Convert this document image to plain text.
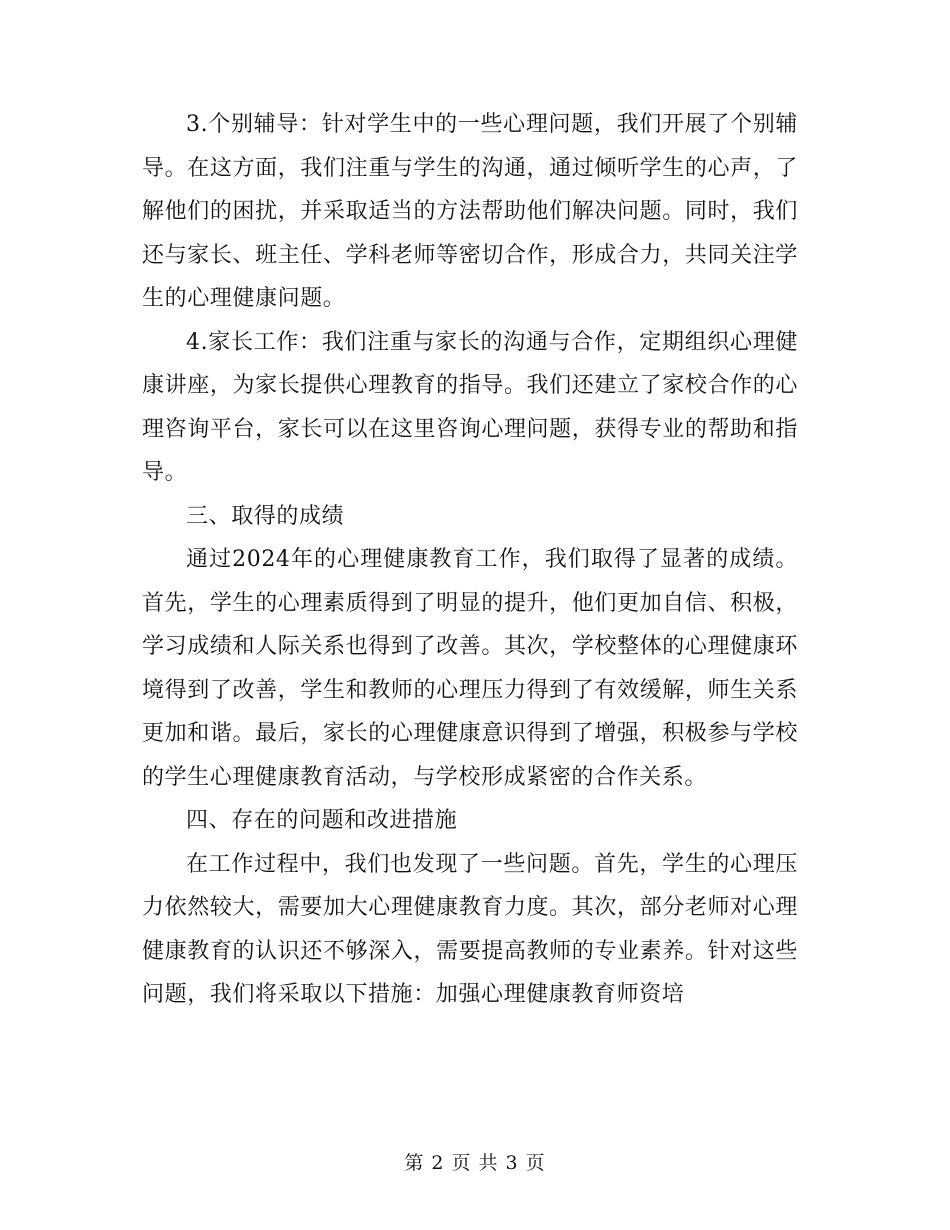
3.个别辅导：针对学生中的一些心理问题，我们开展了个别辅导。在这方面，我们注重与学生的沟通，通过倾听学生的心声，了解他们的困扰，并采取适当的方法帮助他们解决问题。同时，我们还与家长、班主任、学科老师等密切合作，形成合力，共同关注学生的心理健康问题。

4.家长工作：我们注重与家长的沟通与合作，定期组织心理健康讲座，为家长提供心理教育的指导。我们还建立了家校合作的心理咨询平台，家长可以在这里咨询心理问题，获得专业的帮助和指导。

三、取得的成绩

通过2024年的心理健康教育工作，我们取得了显著的成绩。首先，学生的心理素质得到了明显的提升，他们更加自信、积极，学习成绩和人际关系也得到了改善。其次，学校整体的心理健康环境得到了改善，学生和教师的心理压力得到了有效缓解，师生关系更加和谐。最后，家长的心理健康意识得到了增强，积极参与学校的学生心理健康教育活动，与学校形成紧密的合作关系。

四、存在的问题和改进措施

在工作过程中，我们也发现了一些问题。首先，学生的心理压力依然较大，需要加大心理健康教育力度。其次，部分老师对心理健康教育的认识还不够深入，需要提高教师的专业素养。针对这些问题，我们将采取以下措施：加强心理健康教育师资培

第 2 页 共 3 页
